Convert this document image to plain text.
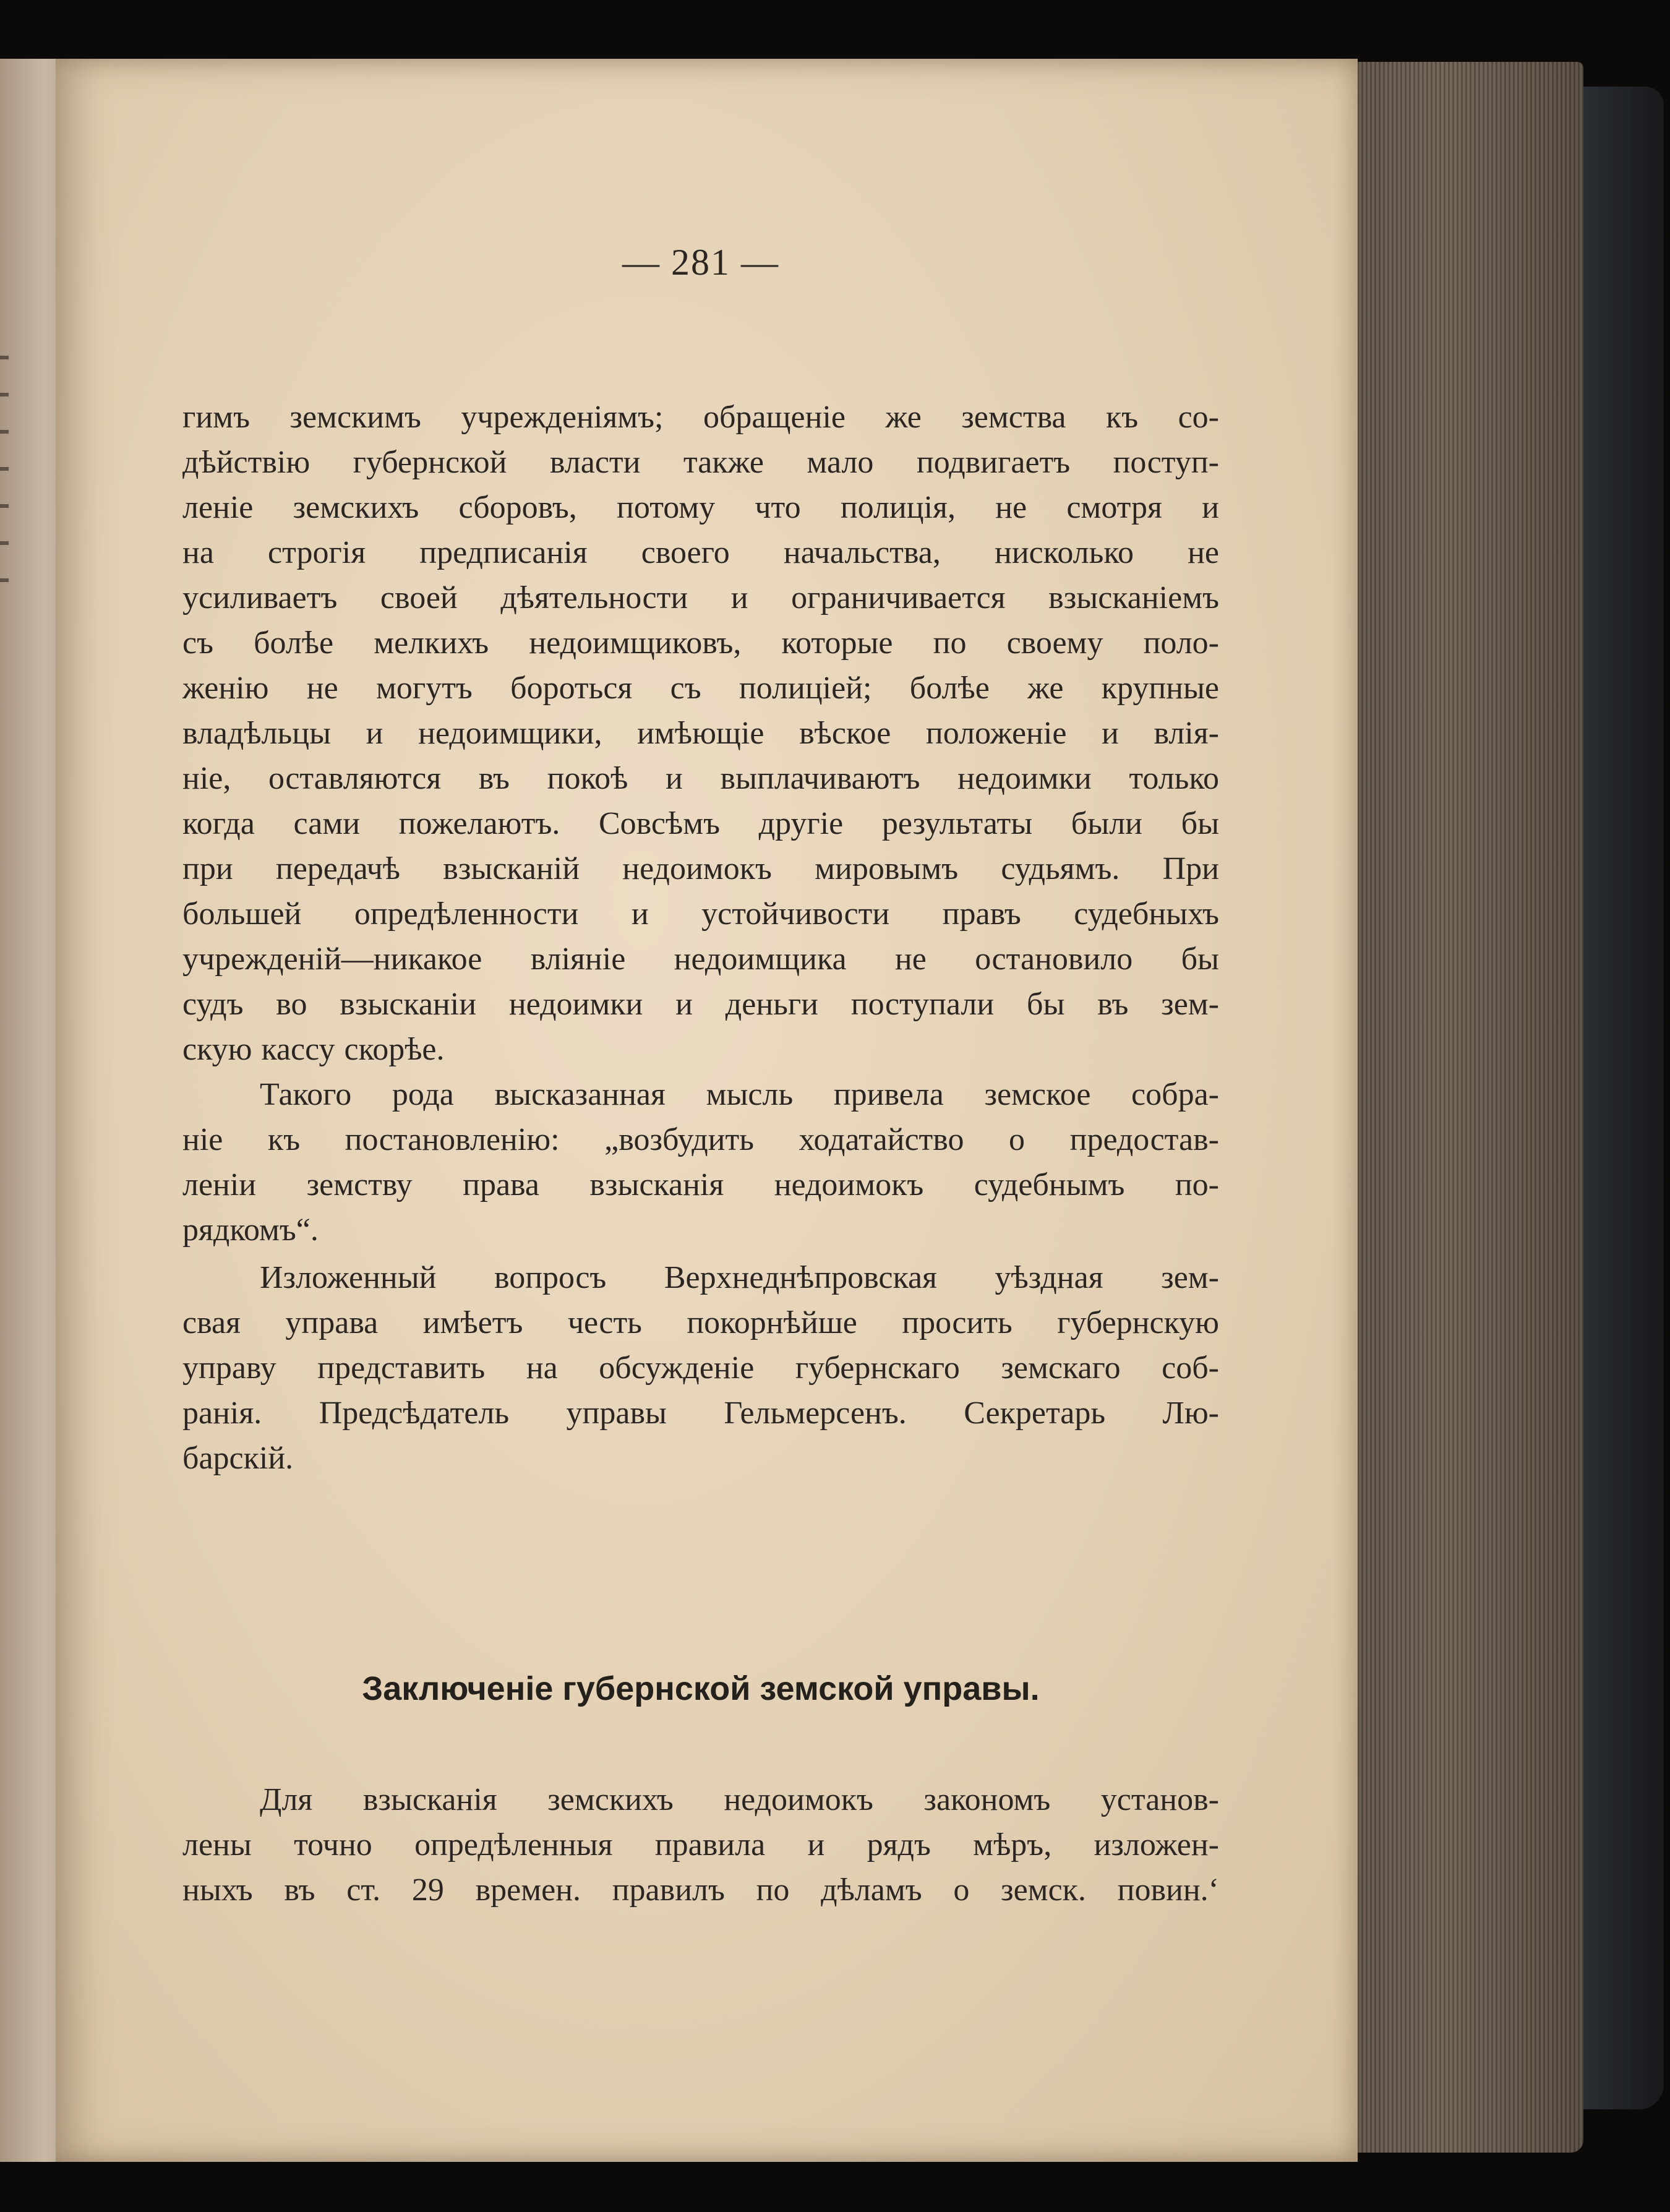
— 281 —
гимъ земскимъ учрежденіямъ; обращеніе же земства къ со-
дѣйствію губернской власти также мало подвигаетъ поступ-
леніе земскихъ сборовъ, потому что полиція, не смотря и
на строгія предписанія своего начальства, нисколько не
усиливаетъ своей дѣятельности и ограничивается взысканіемъ
съ болѣе мелкихъ недоимщиковъ, которые по своему поло-
женію не могутъ бороться съ полиціей; болѣе же крупные
владѣльцы и недоимщики, имѣющіе вѣское положеніе и влія-
ніе, оставляются въ покоѣ и выплачиваютъ недоимки только
когда сами пожелаютъ. Совсѣмъ другіе результаты были бы
при передачѣ взысканій недоимокъ мировымъ судьямъ. При
большей опредѣленности и устойчивости правъ судебныхъ
учрежденій—никакое вліяніе недоимщика не остановило бы
судъ во взысканіи недоимки и деньги поступали бы въ зем-
скую кассу скорѣе.
Такого рода высказанная мысль привела земское собра-
ніе къ постановленію: „возбудить ходатайство о предостав-
леніи земству права взысканія недоимокъ судебнымъ по-
рядкомъ“.
Изложенный вопросъ Верхнеднѣпровская уѣздная зем-
свая управа имѣетъ честь покорнѣйше просить губернскую
управу представить на обсужденіе губернскаго земскаго соб-
ранія. Предсѣдатель управы Гельмерсенъ. Секретарь Лю-
барскій.
Заключеніе губернской земской управы.
Для взысканія земскихъ недоимокъ закономъ установ-
лены точно опредѣленныя правила и рядъ мѣръ, изложен-
ныхъ въ ст. 29 времен. правилъ по дѣламъ о земск. повин.‘
